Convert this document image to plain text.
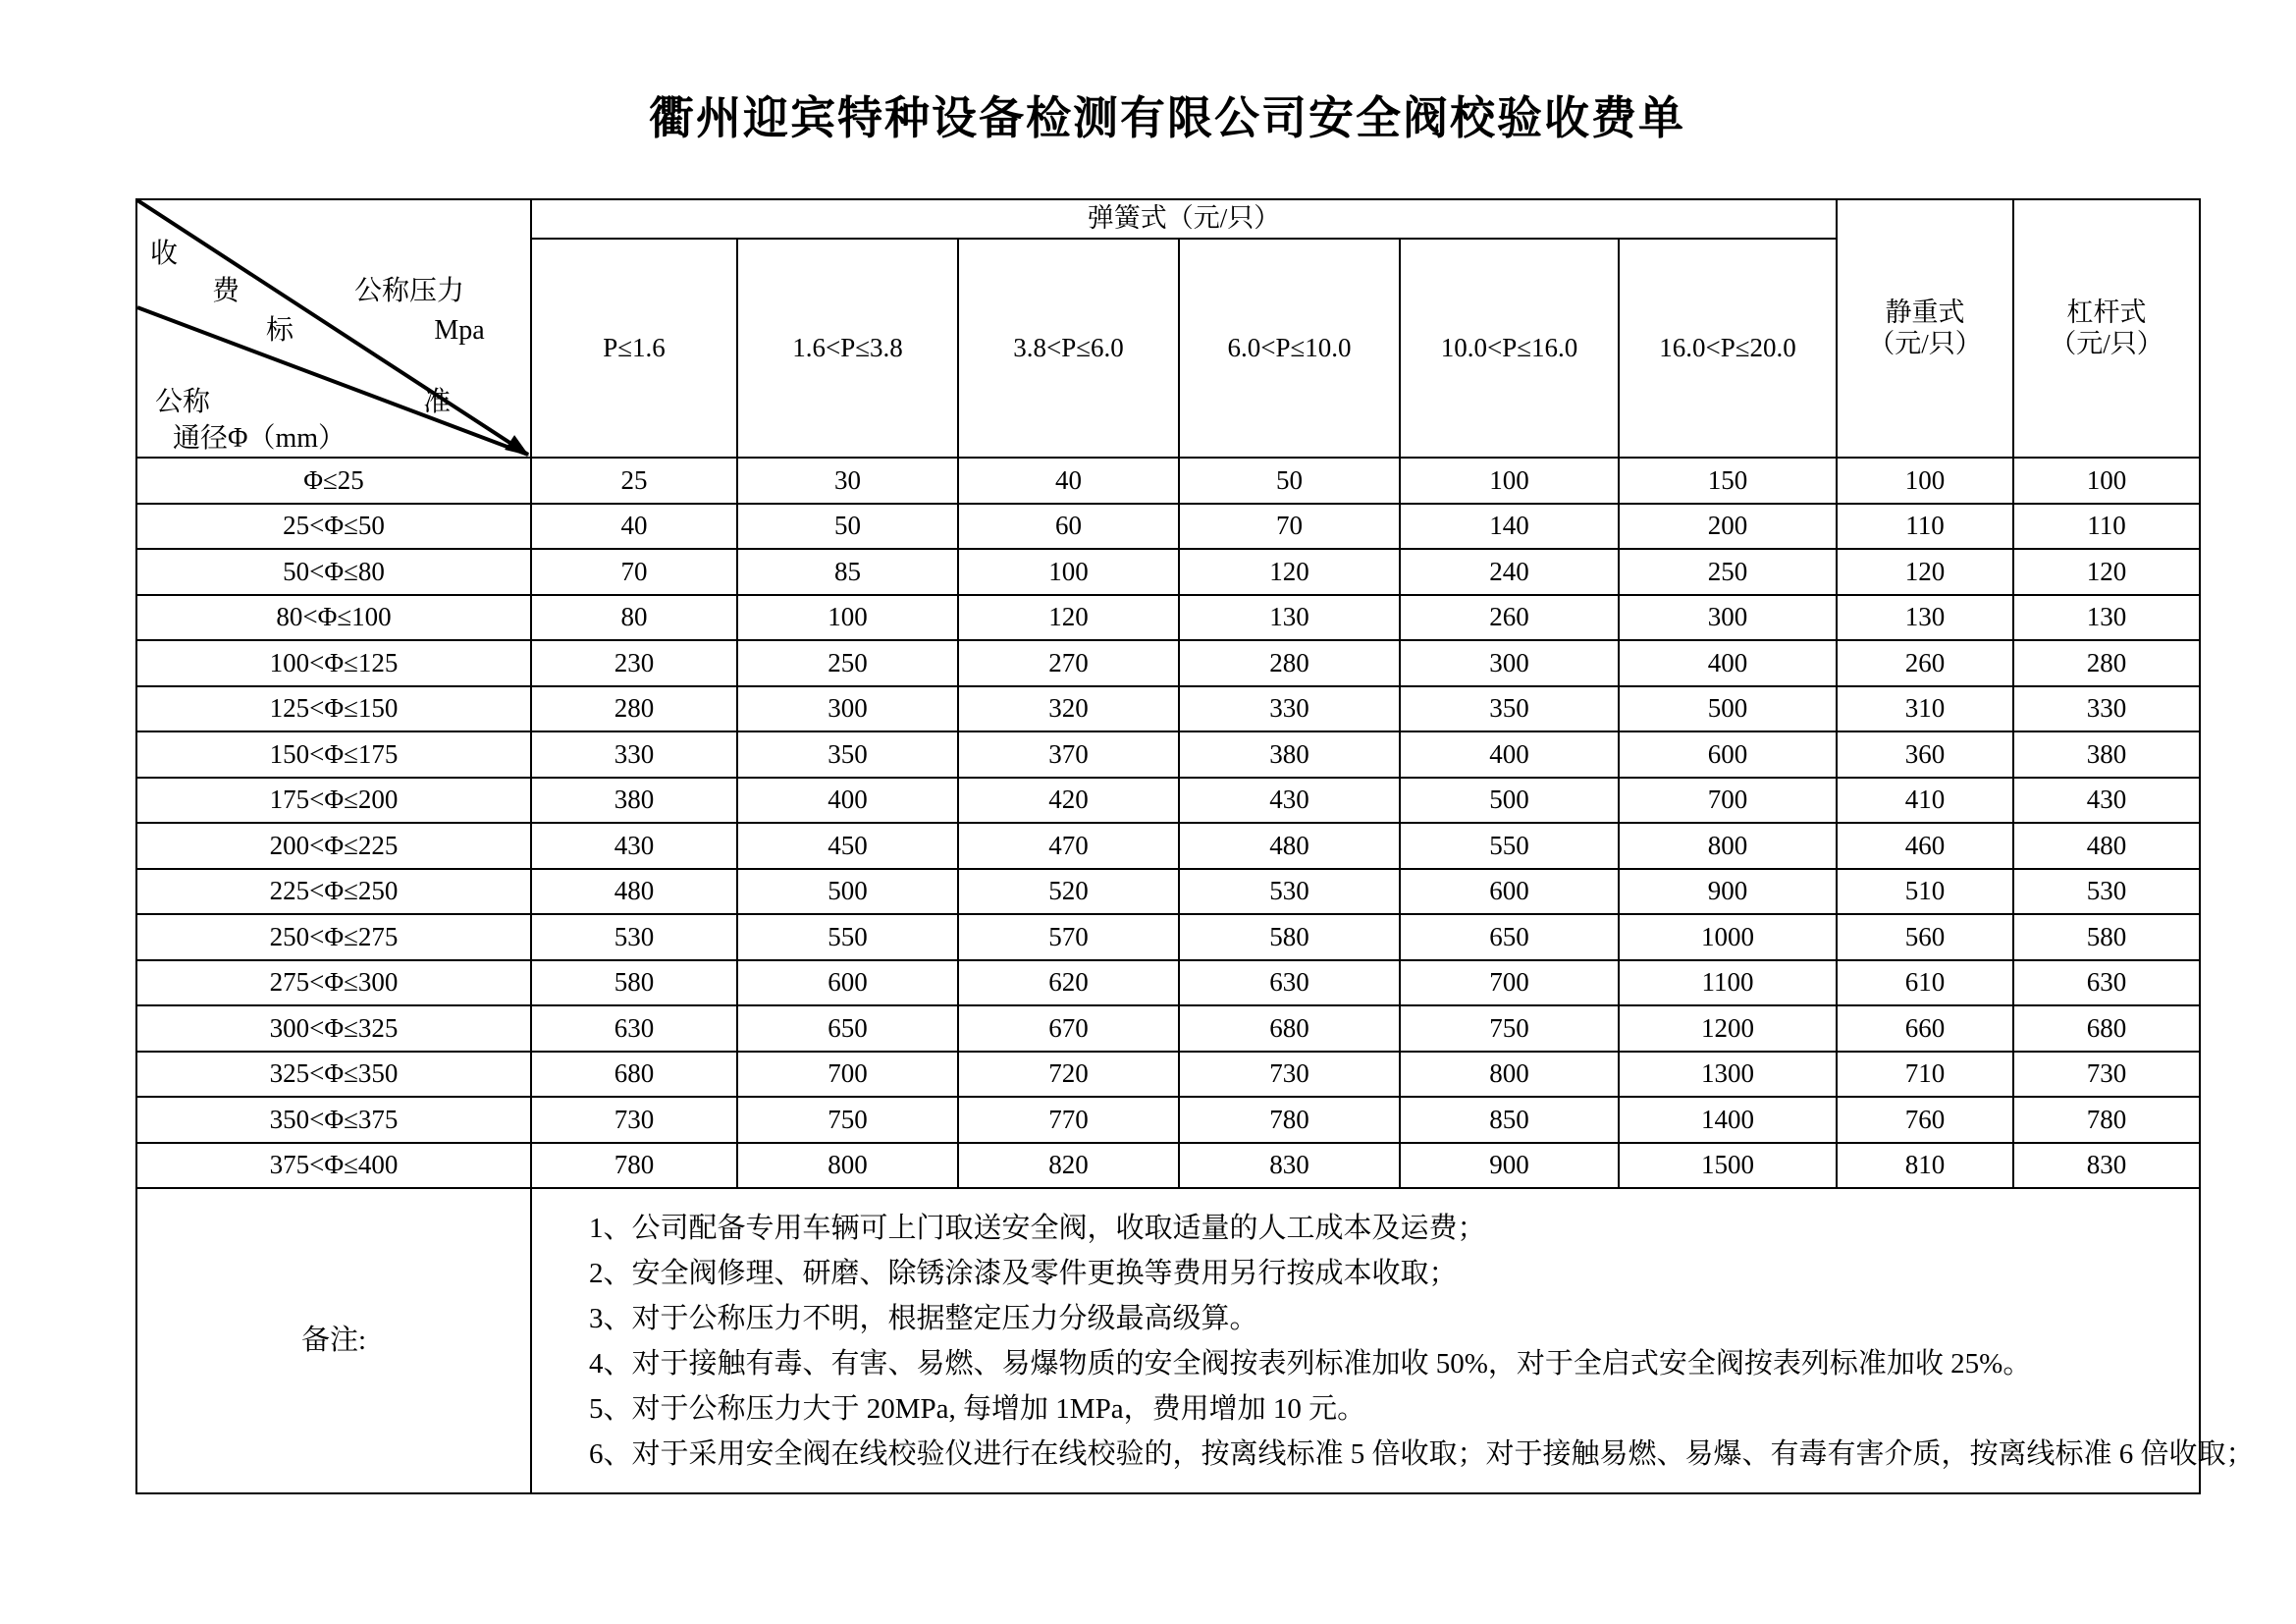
衢州迎宾特种设备检测有限公司安全阀校验收费单
收
费
标
准
公称压力
Mpa
公称
通径Φ（mm）
	弹簧式（元/只）	
静重式
（元/只）

杠杆式
（元/只）

	P≤1.6	1.6<P≤3.8	3.8<P≤6.0	6.0<P≤10.0	10.0<P≤16.0	16.0<P≤20.0		
Φ≤25	25	30	40	50	100	150	100	100
25<Φ≤50	40	50	60	70	140	200	110	110
50<Φ≤80	70	85	100	120	240	250	120	120
80<Φ≤100	80	100	120	130	260	300	130	130
100<Φ≤125	230	250	270	280	300	400	260	280
125<Φ≤150	280	300	320	330	350	500	310	330
150<Φ≤175	330	350	370	380	400	600	360	380
175<Φ≤200	380	400	420	430	500	700	410	430
200<Φ≤225	430	450	470	480	550	800	460	480
225<Φ≤250	480	500	520	530	600	900	510	530
250<Φ≤275	530	550	570	580	650	1000	560	580
275<Φ≤300	580	600	620	630	700	1100	610	630
300<Φ≤325	630	650	670	680	750	1200	660	680
325<Φ≤350	680	700	720	730	800	1300	710	730
350<Φ≤375	730	750	770	780	850	1400	760	780
375<Φ≤400	780	800	820	830	900	1500	810	830
备注:	
1、公司配备专用车辆可上门取送安全阀，收取适量的人工成本及运费；
2、安全阀修理、研磨、除锈涂漆及零件更换等费用另行按成本收取；
3、对于公称压力不明，根据整定压力分级最高级算。
4、对于接触有毒、有害、易燃、易爆物质的安全阀按表列标准加收 50%，对于全启式安全阀按表列标准加收 25%。
5、对于公称压力大于 20MPa, 每增加 1MPa，费用增加 10 元。
6、对于采用安全阀在线校验仪进行在线校验的，按离线标准 5 倍收取；对于接触易燃、易爆、有毒有害介质，按离线标准 6 倍收取；
